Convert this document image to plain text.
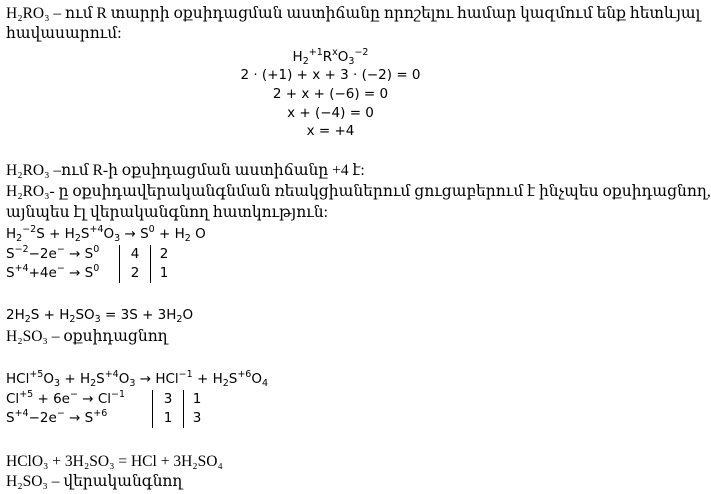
H₂RO₃ – ում R տարրի օքսիդացման աստիճանը որոշելու համար կազմում ենք հետևյալ
հավասարում:
$H_2^{+1}R^xO_3^{-2}$
2 · (+1) + x + 3 · (−2) = 0
2 + x + (−6) = 0
x + (−4) = 0
x = +4
H₂RO₃ –ում R-ի օքսիդացման աստիճանը +4 է:
H₂RO₃- ը օքսիդավերականգնման ռեակցիաներում ցուցաբերում է ինչպես օքսիդացնող,
այնպես էլ վերականգնող հատկություն:
$H_2^{-2}S + H_2S^{+4}O_3 \to S^0 + H_2$ O
$S^{-2}-2e^- \to S^0$	4	2
$S^{+4}+4e^- \to S^0$	2	1
$2H_2S + H_2SO_3 = 3S + 3H_2O$
H₂SO₃ – օքսիդացնող
$HCl^{+5}O_3 + H_2S^{+4}O_3 \to HCl^{-1} + H_2S^{+6}O_4$
$Cl^{+5} + 6e^- \to Cl^{-1}$	3	1
$S^{+4}-2e^- \to S^{+6}$	1	3
HClO₃ + 3H₂SO₃ = HCl + 3H₂SO₄
H₂SO₃ – վերականգնող
